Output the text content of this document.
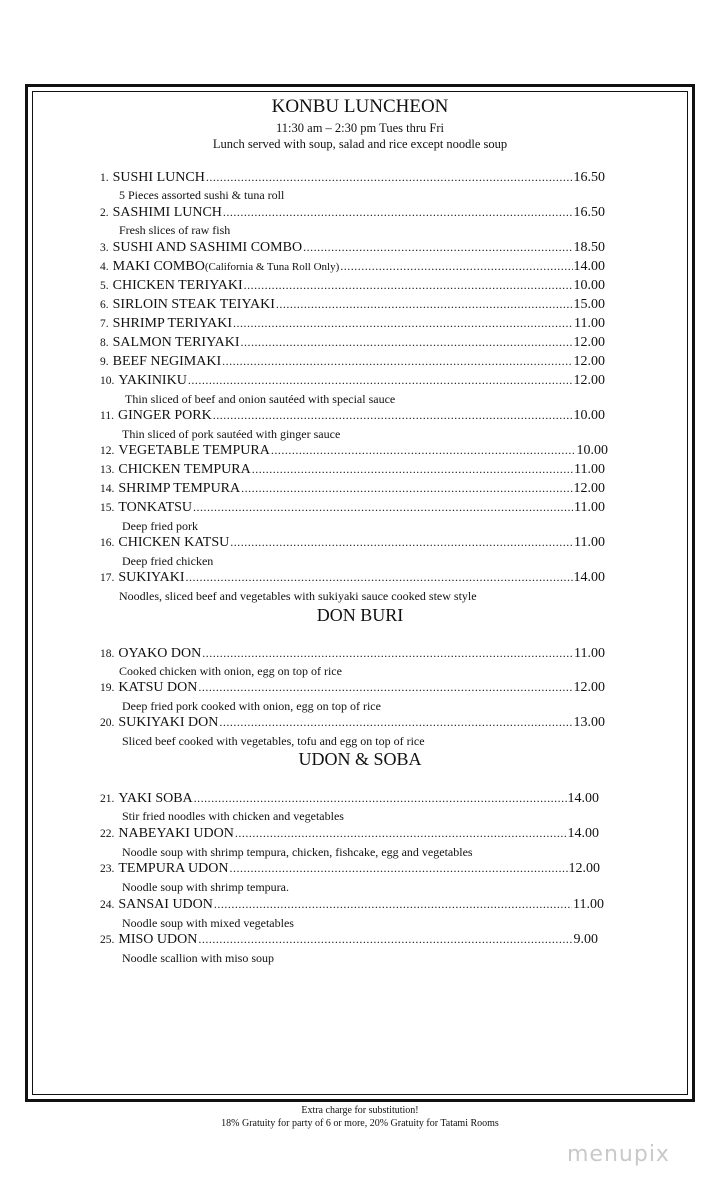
KONBU LUNCHEON
11:30 am – 2:30 pm Tues thru Fri
Lunch served with soup, salad and rice except noodle soup
DON BURI
UDON & SOBA
1. SUSHI LUNCH .....	16.50
5 Pieces assorted sushi & tuna roll
2. SASHIMI LUNCH .....	16.50
Fresh slices of raw fish
3. SUSHI AND SASHIMI COMBO .....	18.50
4. MAKI COMBO (California & Tuna Roll Only) .....	14.00
5. CHICKEN TERIYAKI .....	10.00
6. SIRLOIN STEAK TEIYAKI .....	15.00
7. SHRIMP TERIYAKI .....	11.00
8. SALMON TERIYAKI .....	12.00
9. BEEF NEGIMAKI .....	12.00
10. YAKINIKU .....	12.00
Thin sliced of beef and onion sautéed with special sauce
11. GINGER PORK .....	10.00
Thin sliced of pork sautéed with ginger sauce
12. VEGETABLE TEMPURA .....	10.00
13. CHICKEN TEMPURA .....	11.00
14. SHRIMP TEMPURA .....	12.00
15. TONKATSU .....	11.00
Deep fried pork
16. CHICKEN KATSU .....	11.00
Deep fried chicken
17. SUKIYAKI .....	14.00
Noodles, sliced beef and vegetables with sukiyaki sauce cooked stew style
18. OYAKO DON .....	11.00
Cooked chicken with onion, egg on top of rice
19. KATSU DON .....	12.00
Deep fried pork cooked with onion, egg on top of rice
20. SUKIYAKI DON .....	13.00
Sliced beef cooked with vegetables, tofu and egg on top of rice
21. YAKI SOBA .....	14.00
Stir fried noodles with chicken and vegetables
22. NABEYAKI UDON .....	14.00
Noodle soup with shrimp tempura, chicken, fishcake, egg and vegetables
23. TEMPURA UDON .....	12.00
Noodle soup with shrimp tempura.
24. SANSAI UDON .....	11.00
Noodle soup with mixed vegetables
25. MISO UDON .....	9.00
Noodle scallion with miso soup
Extra charge for substitution!
18% Gratuity for party of 6 or more, 20% Gratuity for Tatami Rooms
menupix
